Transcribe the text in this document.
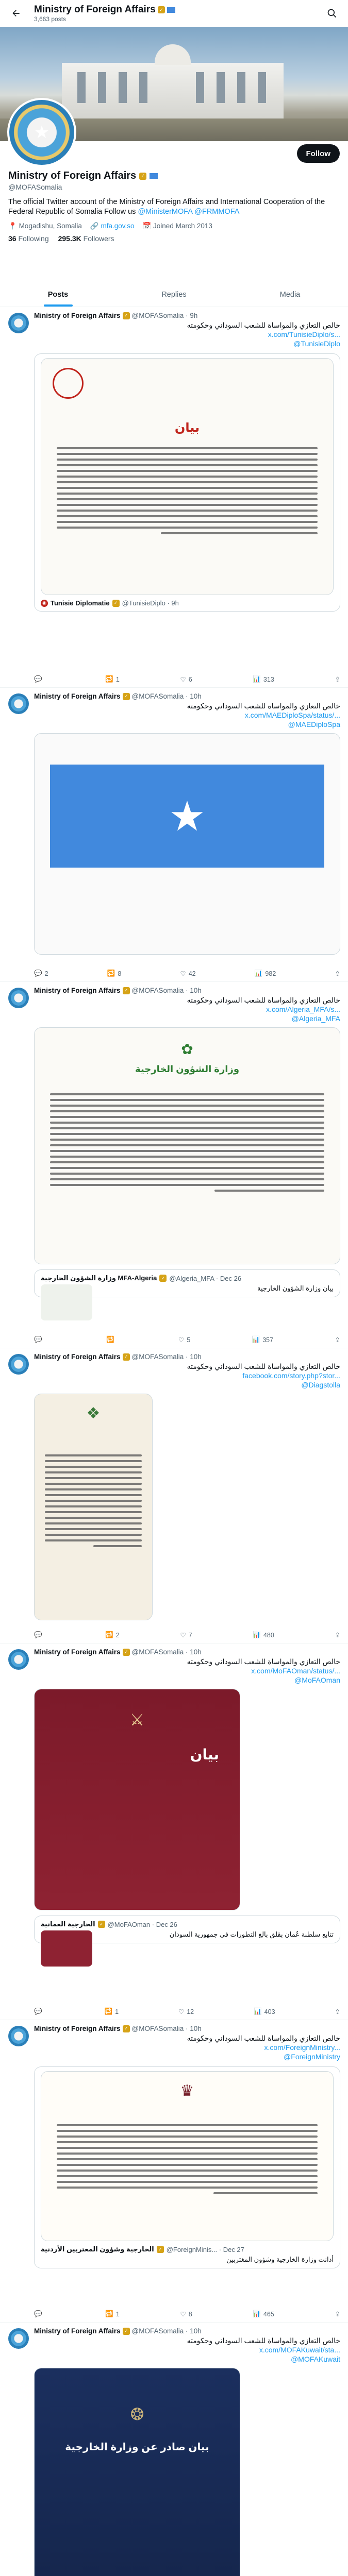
Ministry of Foreign Affairs ✓
3,663 posts
★
Follow
Ministry of Foreign Affairs	✓
@MOFASomalia
The official Twitter account of the Ministry of Foreign Affairs and International Cooperation of the Federal Republic of Somalia Follow us @MinisterMOFA @FRMMOFA
📍 Mogadishu, Somalia 🔗 mfa.gov.so 📅 Joined March 2013
36 Following 295.3K Followers
Posts	Replies	Media
Ministry of Foreign Affairs ✓ @MOFASomalia · 9h
خالص التعازي والمواساة للشعب السوداني وحكومته
x.com/TunisieDiplo/s...
@TunisieDiplo
بيان
◉ Tunisie Diplomatie ✓ @TunisieDiplo · 9h
💬	🔁 1	♡ 6	📊 313	⇪
Ministry of Foreign Affairs ✓ @MOFASomalia · 10h
خالص التعازي والمواساة للشعب السوداني وحكومته
x.com/MAEDiploSpa/status/...
@MAEDiploSpa
★
💬 2	🔁 8	♡ 42	📊 982	⇪
Ministry of Foreign Affairs ✓ @MOFASomalia · 10h
خالص التعازي والمواساة للشعب السوداني وحكومته
x.com/Algeria_MFA/s...
@Algeria_MFA
✿
وزارة الشؤون الخارجية
وزارة الشؤون الخارجية MFA-Algeria ✓ @Algeria_MFA · Dec 26
بيان وزارة الشؤون الخارجية
💬	🔁	♡ 5	📊 357	⇪
Ministry of Foreign Affairs ✓ @MOFASomalia · 10h
خالص التعازي والمواساة للشعب السوداني وحكومته
facebook.com/story.php?stor...
@Diagstolla
❖
💬	🔁 2	♡ 7	📊 480	⇪
Ministry of Foreign Affairs ✓ @MOFASomalia · 10h
خالص التعازي والمواساة للشعب السوداني وحكومته
x.com/MoFAOman/status/...
@MoFAOman
⚔
بيان
الخارجية العمانية ✓ @MoFAOman · Dec 26
تتابع سلطنة عُمان بقلق بالغ التطورات في جمهورية السودان
💬	🔁 1	♡ 12	📊 403	⇪
Ministry of Foreign Affairs ✓ @MOFASomalia · 10h
خالص التعازي والمواساة للشعب السوداني وحكومته
x.com/ForeignMinistry...
@ForeignMinistry
♛
الخارجية وشؤون المغتربين الأردنية ✓ @ForeignMinis... · Dec 27
أدانت وزارة الخارجية وشؤون المغتربين
💬	🔁 1	♡ 8	📊 465	⇪
Ministry of Foreign Affairs ✓ @MOFASomalia · 10h
خالص التعازي والمواساة للشعب السوداني وحكومته
x.com/MOFAKuwait/sta...
@MOFAKuwait
❂
بيان صادر عن وزارة الخارجية
